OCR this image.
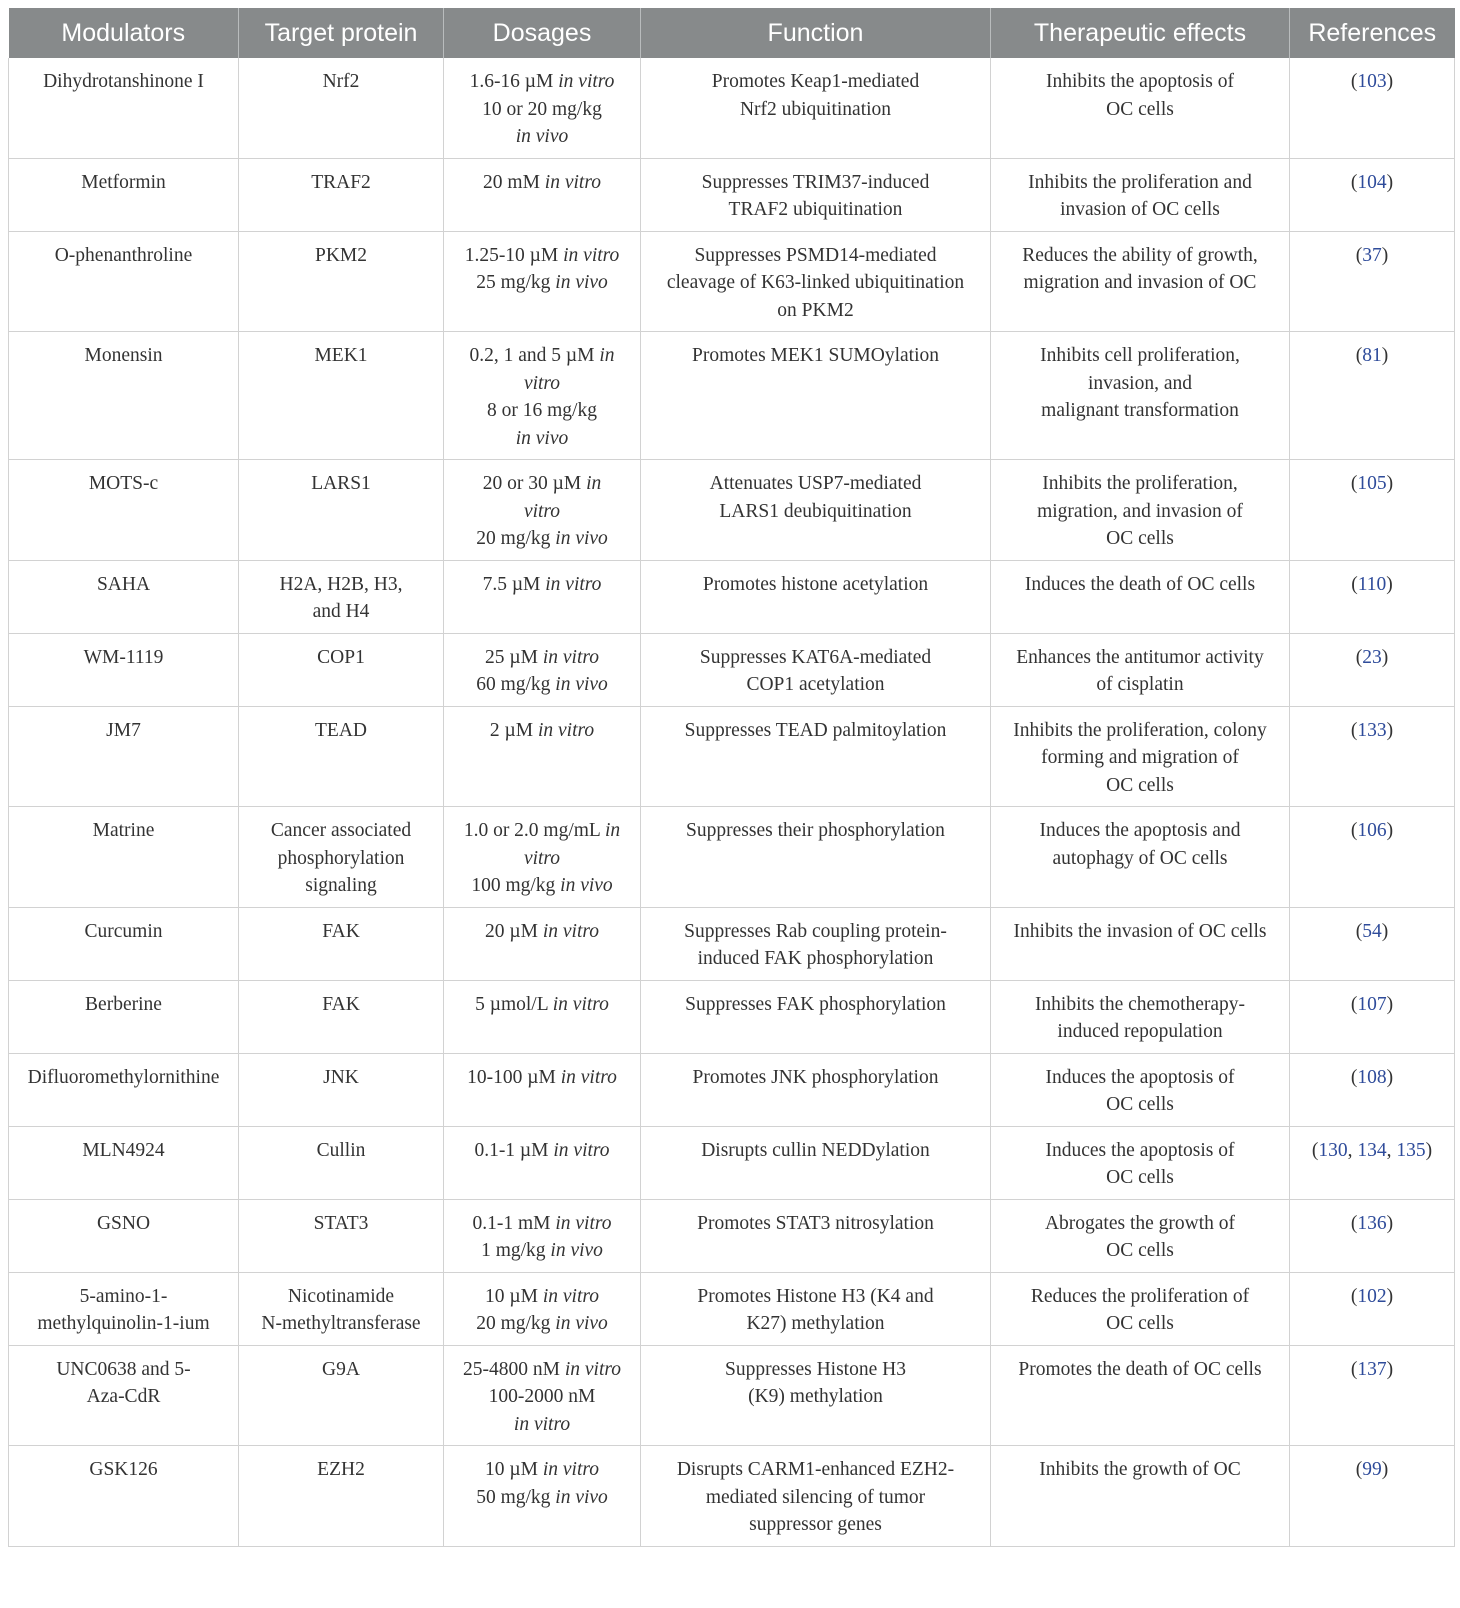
Modulators	Target protein	Dosages	Function	Therapeutic effects	References

Dihydrotanshinone I	Nrf2	1.6-16 µM in vitro
10 or 20 mg/kg
in vivo	Promotes Keap1-mediated
Nrf2 ubiquitination	Inhibits the apoptosis of
OC cells	(103)

Metformin	TRAF2	20 mM in vitro	Suppresses TRIM37-induced
TRAF2 ubiquitination	Inhibits the proliferation and
invasion of OC cells	(104)

O-phenanthroline	PKM2	1.25-10 µM in vitro
25 mg/kg in vivo	Suppresses PSMD14-mediated
cleavage of K63-linked ubiquitination
on PKM2	Reduces the ability of growth,
migration and invasion of OC	(37)

Monensin	MEK1	0.2, 1 and 5 µM in
vitro
8 or 16 mg/kg
in vivo	Promotes MEK1 SUMOylation	Inhibits cell proliferation,
invasion, and
malignant transformation	(81)

MOTS-c	LARS1	20 or 30 µM in
vitro
20 mg/kg in vivo	Attenuates USP7-mediated
LARS1 deubiquitination	Inhibits the proliferation,
migration, and invasion of
OC cells	(105)

SAHA	H2A, H2B, H3,
and H4	7.5 µM in vitro	Promotes histone acetylation	Induces the death of OC cells	(110)

WM-1119	COP1	25 µM in vitro
60 mg/kg in vivo	Suppresses KAT6A-mediated
COP1 acetylation	Enhances the antitumor activity
of cisplatin	(23)

JM7	TEAD	2 µM in vitro	Suppresses TEAD palmitoylation	Inhibits the proliferation, colony
forming and migration of
OC cells	(133)

Matrine	Cancer associated
phosphorylation
signaling	1.0 or 2.0 mg/mL in
vitro
100 mg/kg in vivo	Suppresses their phosphorylation	Induces the apoptosis and
autophagy of OC cells	(106)

Curcumin	FAK	20 µM in vitro	Suppresses Rab coupling protein-
induced FAK phosphorylation	Inhibits the invasion of OC cells	(54)

Berberine	FAK	5 µmol/L in vitro	Suppresses FAK phosphorylation	Inhibits the chemotherapy-
induced repopulation	(107)

Difluoromethylornithine	JNK	10-100 µM in vitro	Promotes JNK phosphorylation	Induces the apoptosis of
OC cells	(108)

MLN4924	Cullin	0.1-1 µM in vitro	Disrupts cullin NEDDylation	Induces the apoptosis of
OC cells	(130, 134, 135)

GSNO	STAT3	0.1-1 mM in vitro
1 mg/kg in vivo	Promotes STAT3 nitrosylation	Abrogates the growth of
OC cells	(136)

5-amino-1-
methylquinolin-1-ium	Nicotinamide
N-methyltransferase	10 µM in vitro
20 mg/kg in vivo	Promotes Histone H3 (K4 and
K27) methylation	Reduces the proliferation of
OC cells	(102)

UNC0638 and 5-
Aza-CdR	G9A	25-4800 nM in vitro
100-2000 nM
in vitro	Suppresses Histone H3
(K9) methylation	Promotes the death of OC cells	(137)

GSK126	EZH2	10 µM in vitro
50 mg/kg in vivo	Disrupts CARM1-enhanced EZH2-
mediated silencing of tumor
suppressor genes	Inhibits the growth of OC	(99)
